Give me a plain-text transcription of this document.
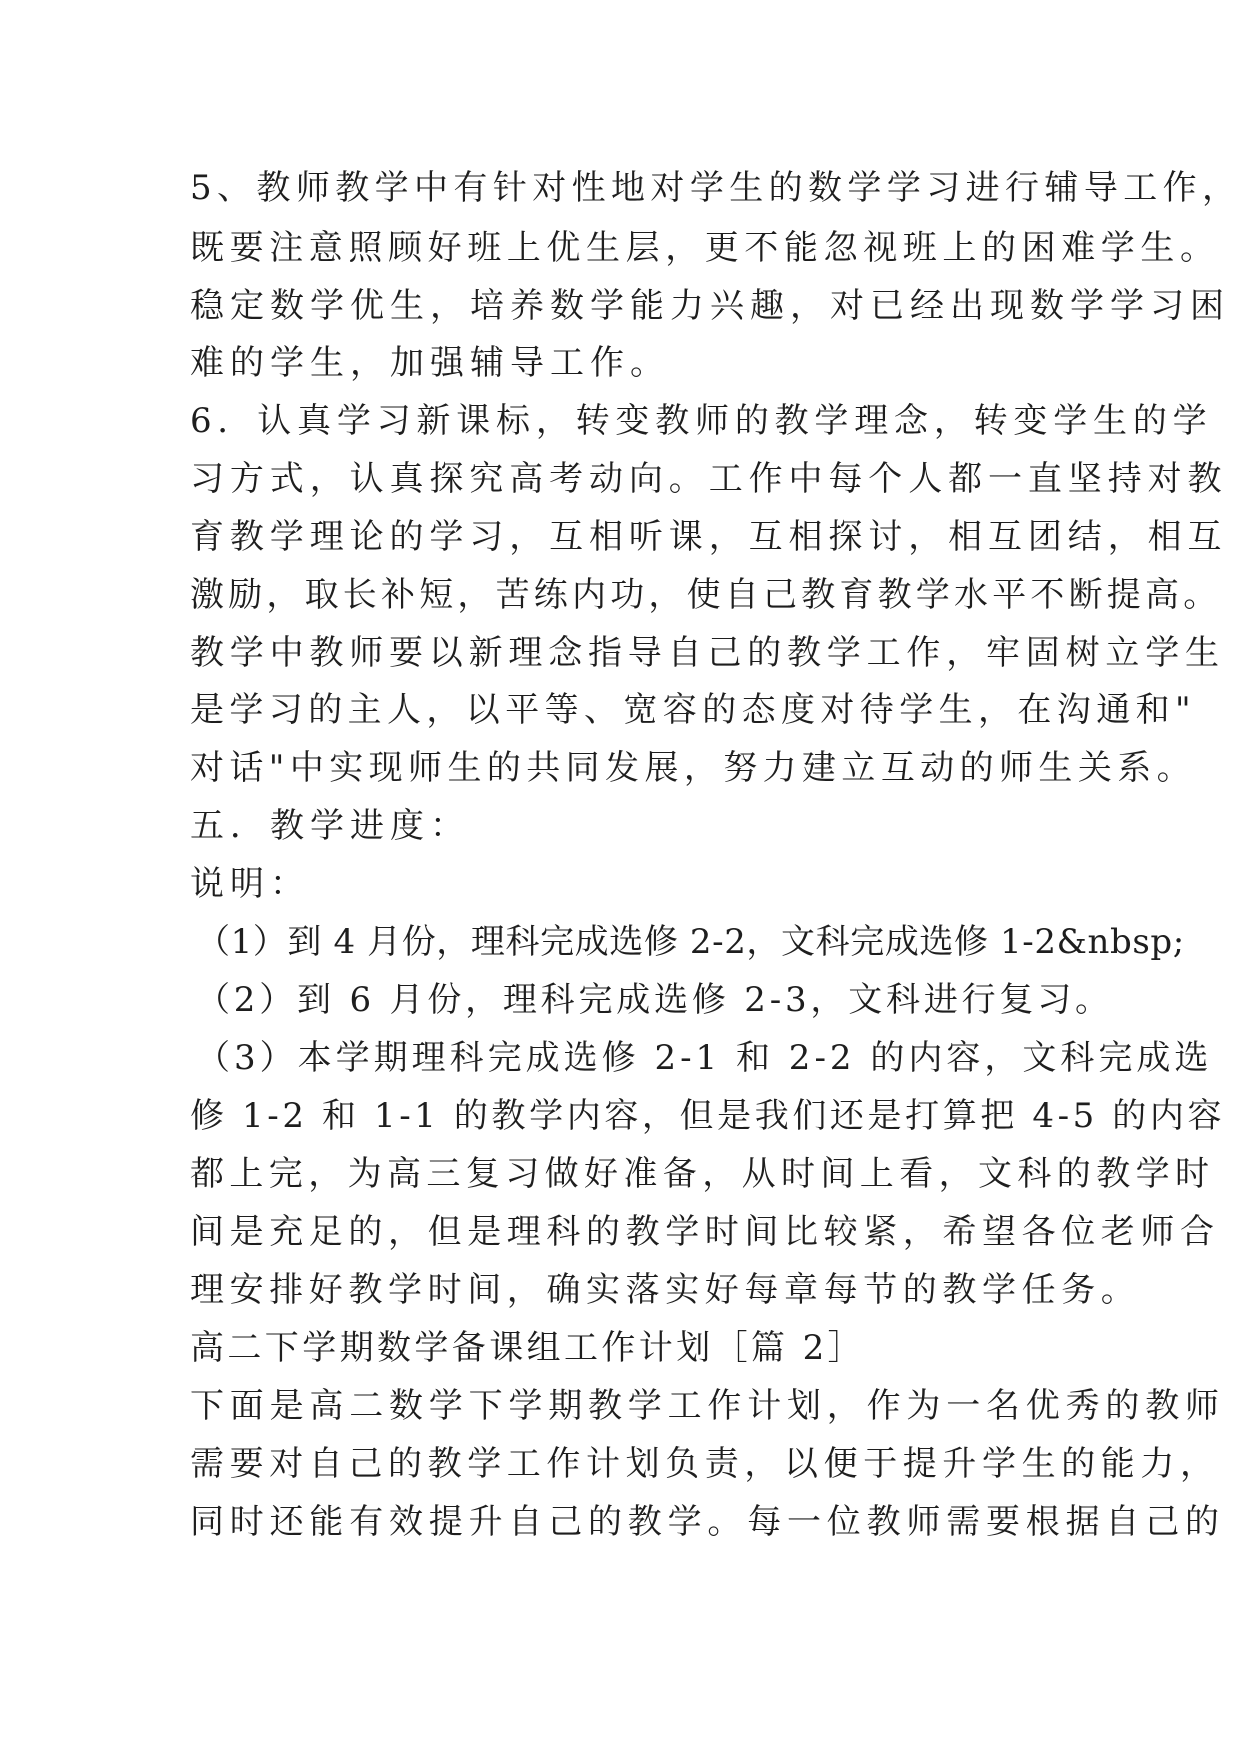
5、教师教学中有针对性地对学生的数学学习进行辅导工作，
既要注意照顾好班上优生层，更不能忽视班上的困难学生。
稳定数学优生，培养数学能力兴趣，对已经出现数学学习困
难的学生，加强辅导工作。
6．认真学习新课标，转变教师的教学理念，转变学生的学
习方式，认真探究高考动向。工作中每个人都一直坚持对教
育教学理论的学习，互相听课，互相探讨，相互团结，相互
激励，取长补短，苦练内功，使自己教育教学水平不断提高。
教学中教师要以新理念指导自己的教学工作，牢固树立学生
是学习的主人，以平等、宽容的态度对待学生，在沟通和"
对话"中实现师生的共同发展，努力建立互动的师生关系。
五．教学进度：
说明：
（1）到 4 月份，理科完成选修 2-2，文科完成选修 1-2&nbsp;
（2）到 6 月份，理科完成选修 2-3，文科进行复习。
（3）本学期理科完成选修 2-1 和 2-2 的内容，文科完成选
修 1-2 和 1-1 的教学内容，但是我们还是打算把 4-5 的内容
都上完，为高三复习做好准备，从时间上看，文科的教学时
间是充足的，但是理科的教学时间比较紧，希望各位老师合
理安排好教学时间，确实落实好每章每节的教学任务。
高二下学期数学备课组工作计划［篇 2］
下面是高二数学下学期教学工作计划，作为一名优秀的教师
需要对自己的教学工作计划负责，以便于提升学生的能力，
同时还能有效提升自己的教学。每一位教师需要根据自己的
